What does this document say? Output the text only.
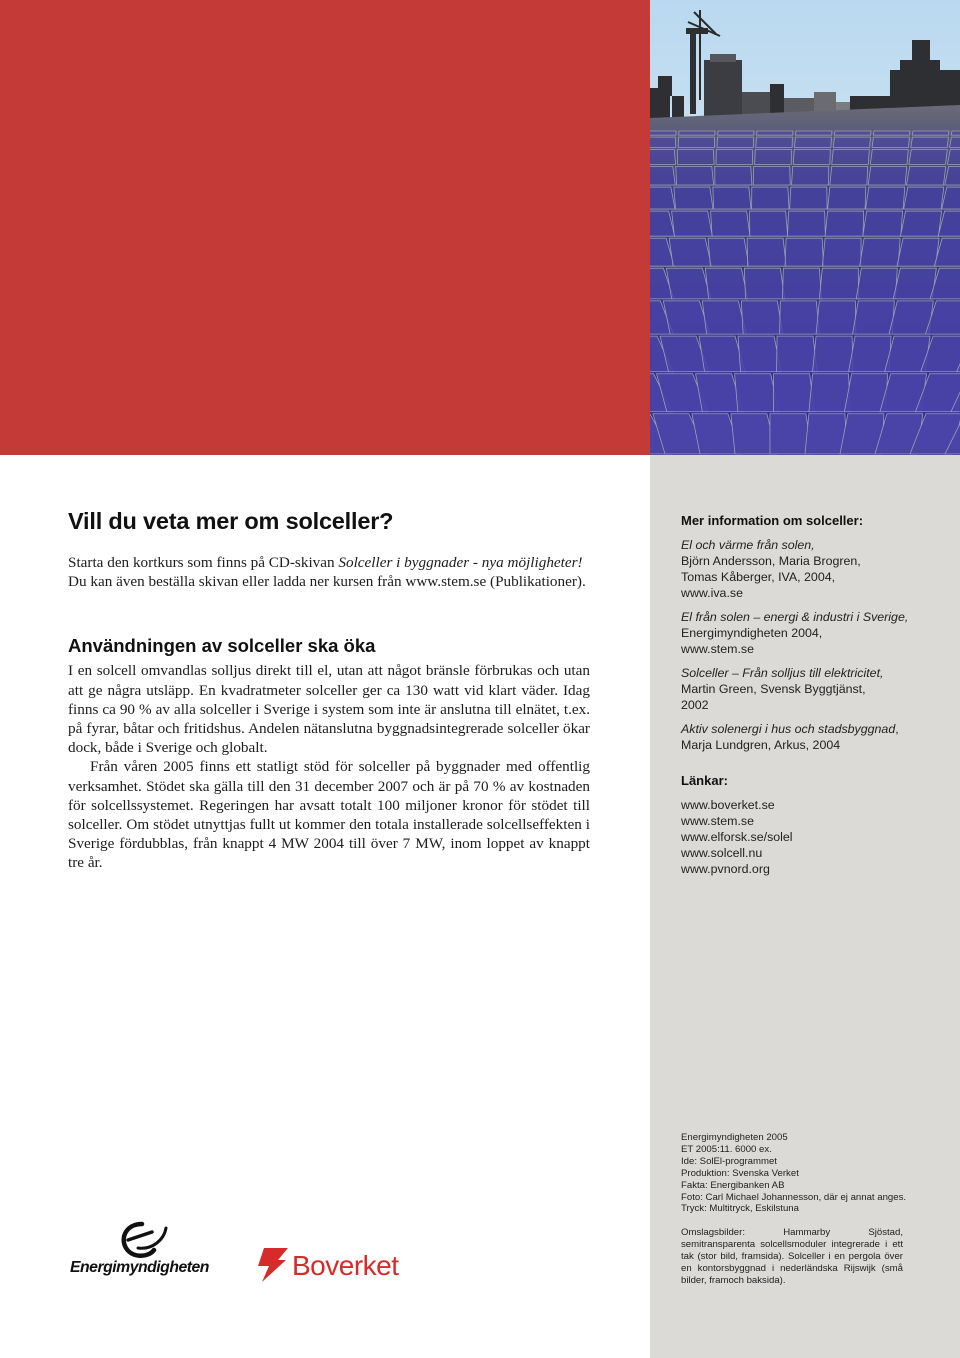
Vill du veta mer om solceller?

Starta den kortkurs som finns på CD-skivan Solceller i byggnader - nya möjligheter!

Du kan även beställa skivan eller ladda ner kursen från www.stem.se (Publikationer).

Användningen av solceller ska öka

I en solcell omvandlas solljus direkt till el, utan att något bränsle förbrukas och utan att ge några utsläpp. En kvadratmeter solceller ger ca 130 watt vid klart väder. Idag finns ca 90 % av alla solceller i Sverige i system som inte är anslutna till elnätet, t.ex. på fyrar, båtar och fritidshus. Andelen nätanslutna byggnadsintegrerade solceller ökar dock, både i Sverige och globalt.

Från våren 2005 finns ett statligt stöd för solceller på byggnader med offentlig verksamhet. Stödet ska gälla till den 31 december 2007 och är på 70 % av kostnaden för solcellssystemet. Regeringen har avsatt totalt 100 miljoner kronor för stödet till solceller. Om stödet utnyttjas fullt ut kommer den totala installerade solcellseffekten i Sverige fördubblas, från knappt 4 MW 2004 till över 7 MW, inom loppet av knappt tre år.

Mer information om solceller:
El och värme från solen,
Björn Andersson, Maria Brogren,
Tomas Kåberger, IVA, 2004,
www.iva.se
El från solen – energi & industri i Sverige,
Energimyndigheten 2004,
www.stem.se
Solceller – Från solljus till elektricitet,
Martin Green, Svensk Byggtjänst,
2002
Aktiv solenergi i hus och stadsbyggnad,
Marja Lundgren, Arkus, 2004
Länkar:
www.boverket.se
www.stem.se
www.elforsk.se/solel
www.solcell.nu
www.pvnord.org
Energimyndigheten 2005
ET 2005:11. 6000 ex.
Ide: SolEl-programmet
Produktion: Svenska Verket
Fakta: Energibanken AB
Foto: Carl Michael Johannesson, där ej annat anges.
Tryck: Multitryck, Eskilstuna
Omslagsbilder: Hammarby Sjöstad, semitransparenta solcellsmoduler integrerade i ett tak (stor bild, framsida). Solceller i en pergola över en kontorsbyggnad i nederländska Rijswijk (små bilder, framoch baksida).
Energimyndigheten	Boverket
